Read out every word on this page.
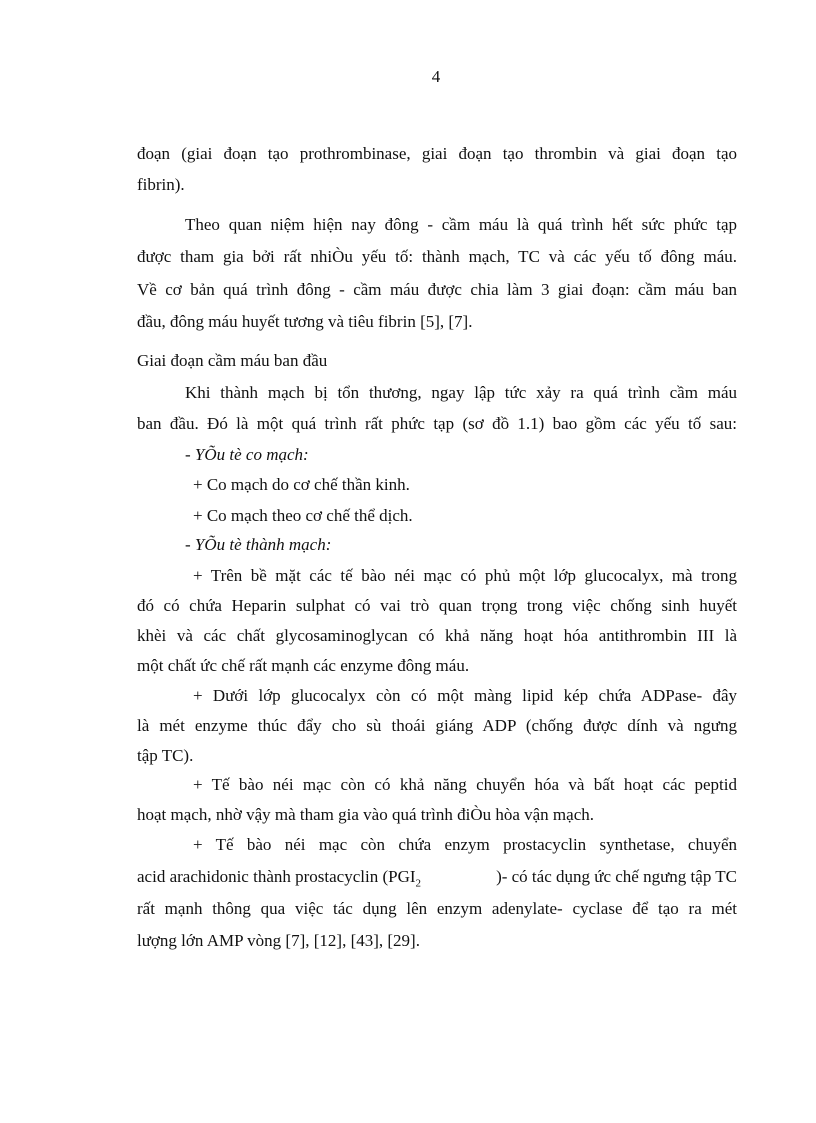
4

đoạn (giai đoạn tạo prothrombinase, giai đoạn tạo thrombin và giai đoạn tạo

fibrin).

Theo quan niệm hiện nay đông - cầm máu là quá trình hết sức phức tạp

được tham gia bởi rất nhiÒu yếu tố: thành mạch, TC và các yếu tố đông máu.

Về cơ bản quá trình đông - cầm máu được chia làm 3 giai đoạn: cầm máu ban

đầu, đông máu huyết tương và tiêu fibrin [5], [7].

Giai đoạn cầm máu ban đầu

Khi thành mạch bị tổn thương, ngay lập tức xảy ra quá trình cầm máu

ban đầu. Đó là một quá trình rất phức tạp (sơ đồ 1.1) bao gồm các yếu tố sau:

- YÕu tè co mạch:

+ Co mạch do cơ chế thần kinh.

+ Co mạch theo cơ chế thể dịch.

- YÕu tè thành mạch:

+ Trên bề mặt các tế bào néi mạc có phủ một lớp glucocalyx, mà trong

đó có chứa Heparin sulphat có vai trò quan trọng trong việc chống sinh huyết

khèi và các chất glycosaminoglycan có khả năng hoạt hóa antithrombin III là

một chất ức chế rất mạnh các enzyme đông máu.

+ Dưới lớp glucocalyx còn có một màng lipid kép chứa ADPase- đây

là mét enzyme thúc đẩy cho sù thoái giáng ADP (chống được dính và ngưng

tập TC).

+ Tế bào néi mạc còn có khả năng chuyển hóa và bất hoạt các peptid

hoạt mạch, nhờ vậy mà tham gia vào quá trình điÒu hòa vận mạch.

+ Tế bào néi mạc còn chứa enzym prostacyclin synthetase, chuyển

acid arachidonic thành prostacyclin ($PGI_2$	)- có tác dụng ức chế ngưng tập TC

rất mạnh thông qua việc tác dụng lên enzym adenylate- cyclase để tạo ra mét

lượng lớn AMP vòng [7], [12], [43], [29].
